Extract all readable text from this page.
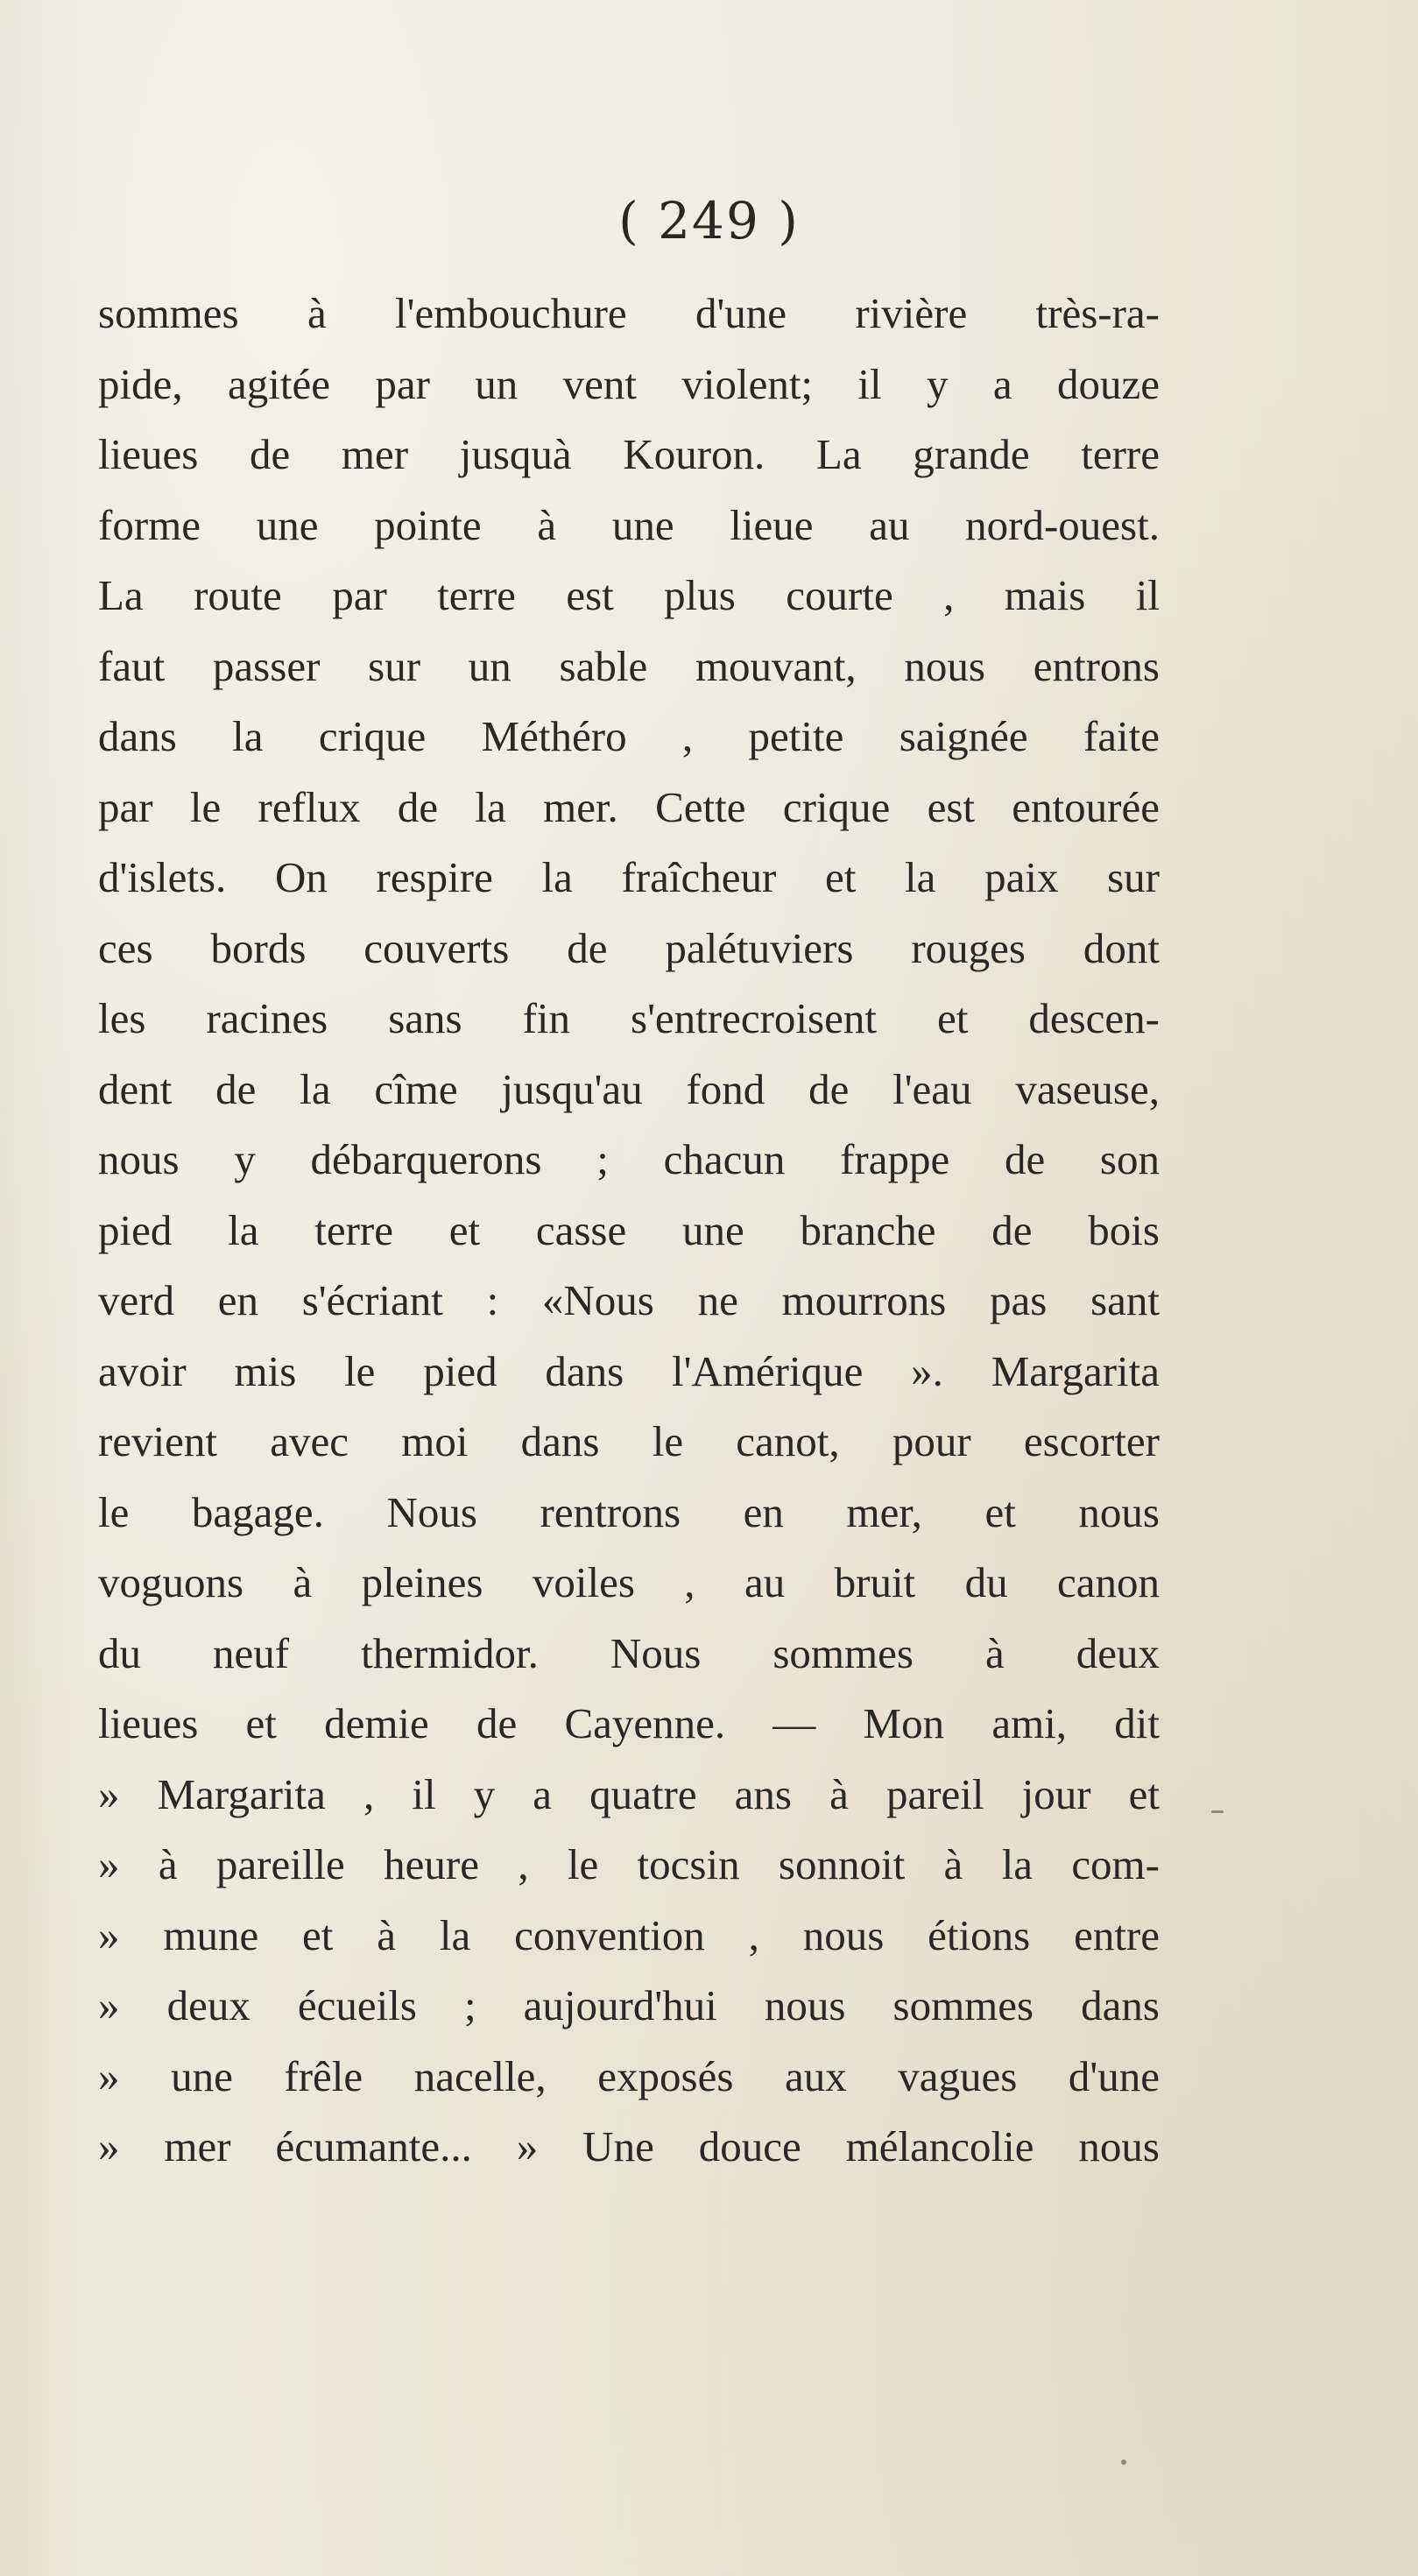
( 249 )
sommes à l'embouchure d'une rivière très-ra-
pide, agitée par un vent violent; il y a douze
lieues de mer jusquà Kouron. La grande terre
forme une pointe à une lieue au nord-ouest.
La route par terre est plus courte , mais il
faut passer sur un sable mouvant, nous entrons
dans la crique Méthéro , petite saignée faite
par le reflux de la mer. Cette crique est entourée
d'islets. On respire la fraîcheur et la paix sur
ces bords couverts de palétuviers rouges dont
les racines sans fin s'entrecroisent et descen-
dent de la cîme jusqu'au fond de l'eau vaseuse,
nous y débarquerons ; chacun frappe de son
pied la terre et casse une branche de bois
verd en s'écriant : «Nous ne mourrons pas sant
avoir mis le pied dans l'Amérique ». Margarita
revient avec moi dans le canot, pour escorter
le bagage. Nous rentrons en mer, et nous
voguons à pleines voiles , au bruit du canon
du neuf thermidor. Nous sommes à deux
lieues et demie de Cayenne. — Mon ami, dit
» Margarita , il y a quatre ans à pareil jour et
» à pareille heure , le tocsin sonnoit à la com-
» mune et à la convention , nous étions entre
» deux écueils ; aujourd'hui nous sommes dans
» une frêle nacelle, exposés aux vagues d'une
» mer écumante... » Une douce mélancolie nous
